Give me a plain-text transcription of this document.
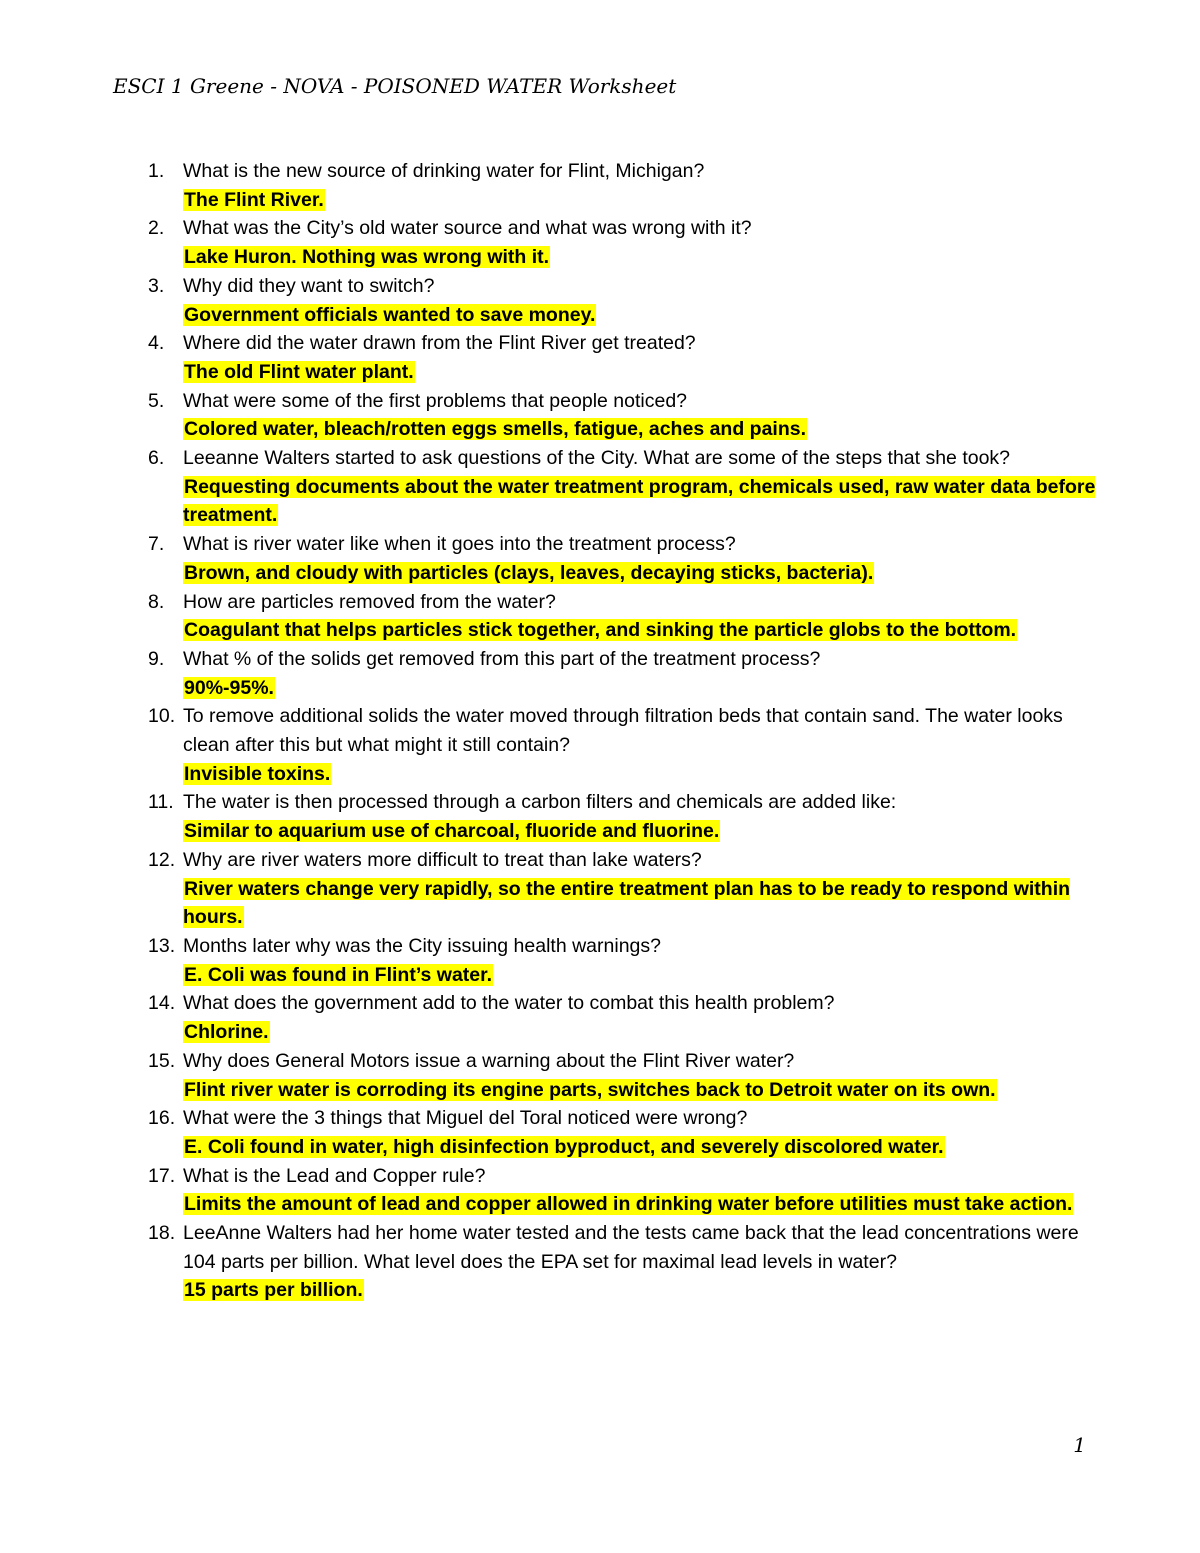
ESCI 1 Greene - NOVA - POISONED WATER Worksheet
1. What is the new source of drinking water for Flint, Michigan?
The Flint River.
2. What was the City’s old water source and what was wrong with it?
Lake Huron. Nothing was wrong with it.
3. Why did they want to switch?
Government officials wanted to save money.
4. Where did the water drawn from the Flint River get treated?
The old Flint water plant.
5. What were some of the first problems that people noticed?
Colored water, bleach/rotten eggs smells, fatigue, aches and pains.
6. Leeanne Walters started to ask questions of the City. What are some of the steps that she took?
Requesting documents about the water treatment program, chemicals used, raw water data before treatment.
7. What is river water like when it goes into the treatment process?
Brown, and cloudy with particles (clays, leaves, decaying sticks, bacteria).
8. How are particles removed from the water?
Coagulant that helps particles stick together, and sinking the particle globs to the bottom.
9. What % of the solids get removed from this part of the treatment process?
90%-95%.
10. To remove additional solids the water moved through filtration beds that contain sand. The water looks clean after this but what might it still contain?
Invisible toxins.
11. The water is then processed through a carbon filters and chemicals are added like:
Similar to aquarium use of charcoal, fluoride and fluorine.
12. Why are river waters more difficult to treat than lake waters?
River waters change very rapidly, so the entire treatment plan has to be ready to respond within hours.
13. Months later why was the City issuing health warnings?
E. Coli was found in Flint’s water.
14. What does the government add to the water to combat this health problem?
Chlorine.
15. Why does General Motors issue a warning about the Flint River water?
Flint river water is corroding its engine parts, switches back to Detroit water on its own.
16. What were the 3 things that Miguel del Toral noticed were wrong?
E. Coli found in water, high disinfection byproduct, and severely discolored water.
17. What is the Lead and Copper rule?
Limits the amount of lead and copper allowed in drinking water before utilities must take action.
18. LeeAnne Walters had her home water tested and the tests came back that the lead concentrations were 104 parts per billion. What level does the EPA set for maximal lead levels in water?
15 parts per billion.
1
